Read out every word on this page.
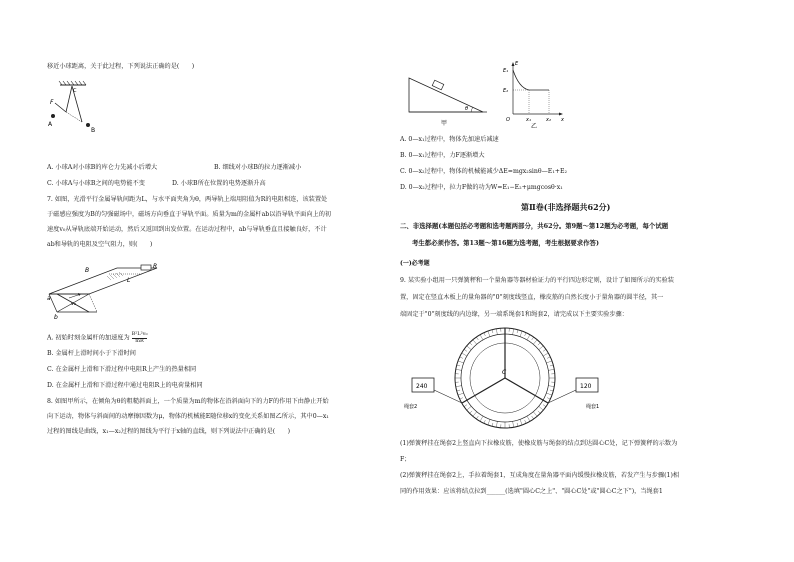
移近小球距离，关于此过程，下列说法正确的是(　　)
F
C
A
B
A. 小球A对小球B的库仑力先减小后增大	B. 细线对小球B的拉力逐渐减小
C. 小球A与小球B之间的电势能不变	D. 小球B所在位置的电势逐渐升高
7. 如图，光滑平行金属导轨间距为L，与水平面夹角为θ，两导轨上端用阻值为R的电阻相连，该装置处
于磁感应强度为B的匀强磁场中，磁场方向垂直于导轨平面。质量为m的金属杆ab以沿导轨平面向上的初
速度v₀从导轨底端开始运动，然后又返回到出发位置。在运动过程中，ab与导轨垂直且接触良好，不计
ab和导轨的电阻及空气阻力，则(　　)
B
L
R
a
b
v₀
A. 初始时刻金属杆的加速度为 $\frac{\text{B²L²v₀}}{mR}$
B. 金属杆上滑时间小于下滑时间
C. 在金属杆上滑和下滑过程中电阻R上产生的热量相同
D. 在金属杆上滑和下滑过程中通过电阻R上的电荷量相同
8. 如图甲所示，在倾角为θ的粗糙斜面上，一个质量为m的物体在沿斜面向下的力F的作用下由静止开始
向下运动，物体与斜面间的动摩擦因数为μ，物体的机械能E随位移x的变化关系如图乙所示，其中0—x₁
过程的图线是曲线，x₁—x₂过程的图线为平行于x轴的直线，则下列说法中正确的是(　　)
θ
甲
E
x
E₁
E₂
O	x₁	x₂
乙
A. 0—x₁过程中，物体先加速后减速
B. 0—x₁过程中，力F逐渐增大
C. 0—x₂过程中，物体的机械能减少ΔE=mgx₂sinθ—E₁+E₂
D. 0—x₂过程中，拉力F做的功为W=E₁−E₂+μmgcosθ·x₁
第Ⅱ卷(非选择题共62分)
二、非选择题(本题包括必考题和选考题两部分，共62分。第9题～第12题为必考题，每个试题
考生都必须作答。第13题～第16题为选考题，考生根据要求作答)
(一)必考题
9. 某实验小组用一只弹簧秤和一个量角器等器材验证力的平行四边形定则，设计了如图所示的实验装
置，固定在竖直木板上的量角器的"0"刻度线竖直，橡皮筋的自然长度小于量角器的圆半径，其一
端固定于"0"刻度线的内边缘，另一端系绳套1和绳套2，请完成以下主要实验步骤：
240	120
C
绳套2	绳套1
(1)弹簧秤挂在绳套2上竖直向下拉橡皮筋，使橡皮筋与绳套的结点到达圆心C处，记下弹簧秤的示数为
F；
(2)弹簧秤挂在绳套2上，手拉着绳套1，互成角度在量角器平面内缓慢拉橡皮筋，若发产生与步骤(1)相
同的作用效果：应该将结点拉到______(选填"圆心C之上"、"圆心C处"或"圆心C之下")，当绳套1
